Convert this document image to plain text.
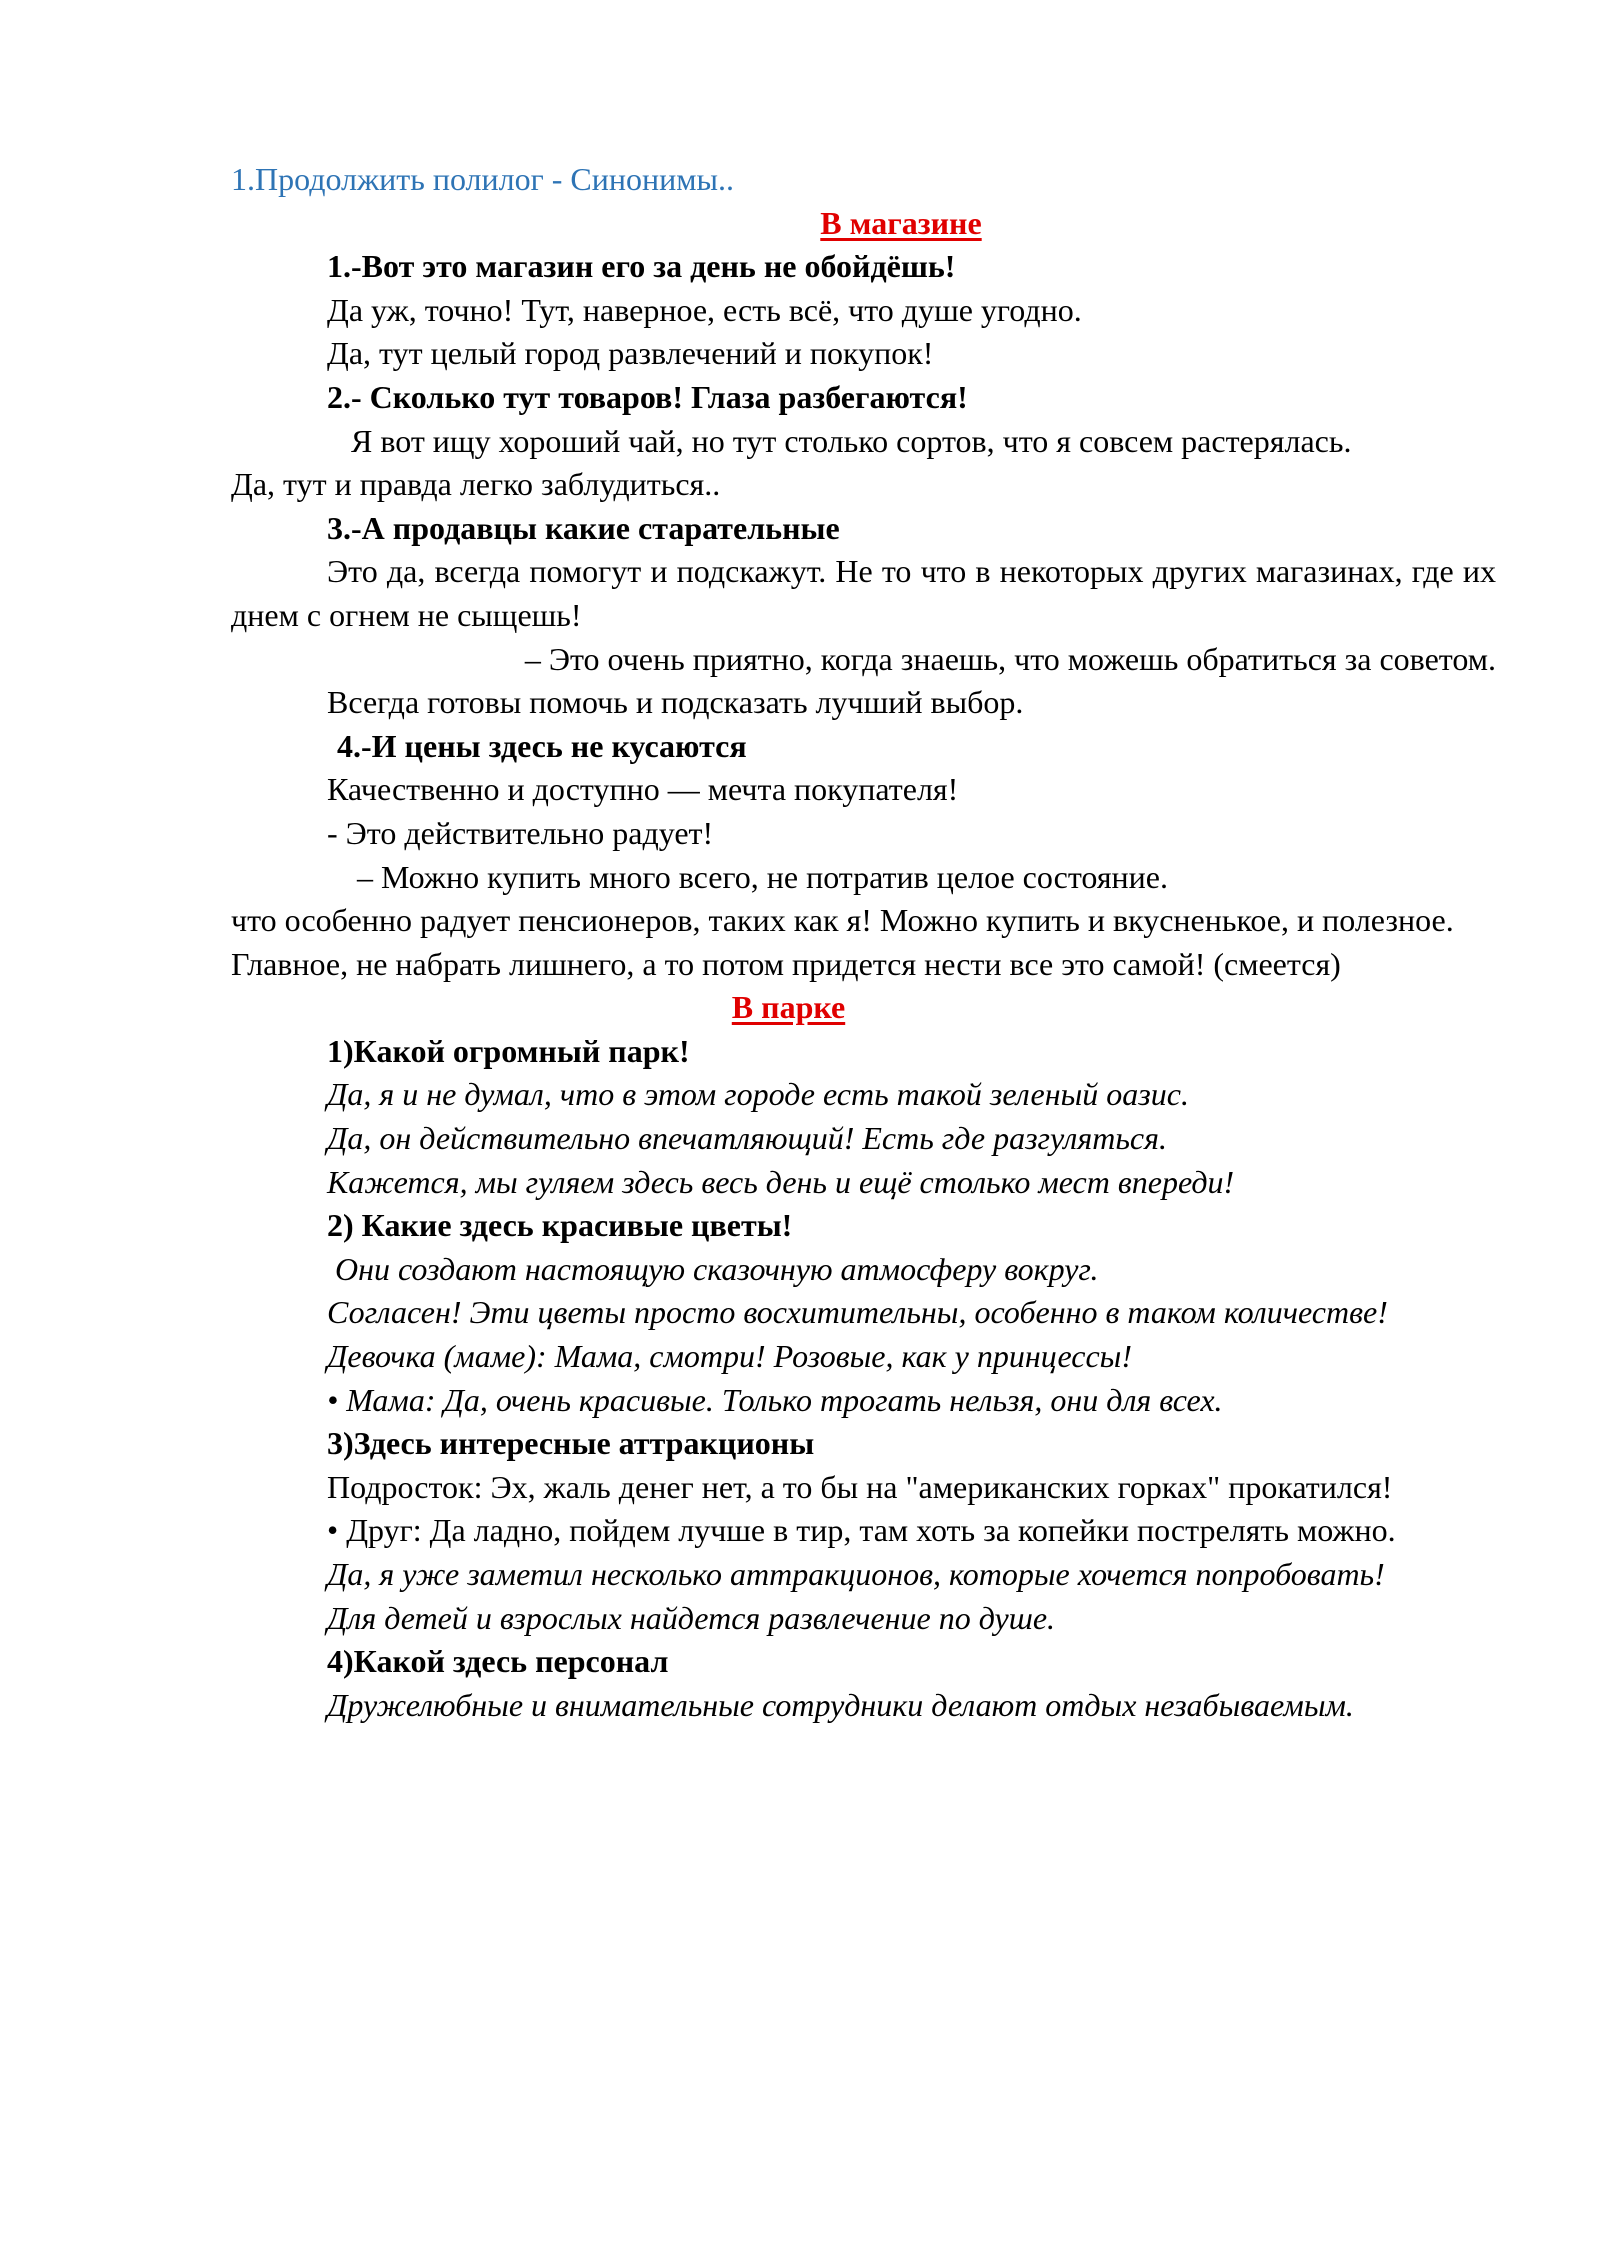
1.Продолжить полилог - Синонимы..

В магазине

1.-Вот это магазин его за день не обойдёшь!

Да уж, точно! Тут, наверное, есть всё, что душе угодно.

Да, тут целый город развлечений и покупок!

2.- Сколько тут товаров! Глаза разбегаются!

Я вот ищу хороший чай, но тут столько сортов, что я совсем растерялась.

Да, тут и правда легко заблудиться..

3.-А продавцы какие старательные

Это да, всегда помогут и подскажут. Не то что в некоторых других магазинах, где их днем с огнем не сыщешь!

– Это очень приятно, когда знаешь, что можешь обратиться за советом.

Всегда готовы помочь и подсказать лучший выбор.

4.-И цены здесь не кусаются

Качественно и доступно — мечта покупателя!

- Это действительно радует!

– Можно купить много всего, не потратив целое состояние.

что особенно радует пенсионеров, таких как я! Можно купить и вкусненькое, и полезное.

Главное, не набрать лишнего, а то потом придется нести все это самой! (смеется)

В парке

1)Какой огромный парк!

Да, я и не думал, что в этом городе есть такой зеленый оазис.

Да, он действительно впечатляющий! Есть где разгуляться.

Кажется, мы гуляем здесь весь день и ещё столько мест впереди!

2) Какие здесь красивые цветы!

Они создают настоящую сказочную атмосферу вокруг.

Согласен! Эти цветы просто восхитительны, особенно в таком количестве!

Девочка (маме): Мама, смотри! Розовые, как у принцессы!

• Мама: Да, очень красивые. Только трогать нельзя, они для всех.

3)Здесь интересные аттракционы

Подросток: Эх, жаль денег нет, а то бы на "американских горках" прокатился!

• Друг: Да ладно, пойдем лучше в тир, там хоть за копейки пострелять можно.

Да, я уже заметил несколько аттракционов, которые хочется попробовать!

Для детей и взрослых найдется развлечение по душе.

4)Какой здесь персонал

Дружелюбные и внимательные сотрудники делают отдых незабываемым.
